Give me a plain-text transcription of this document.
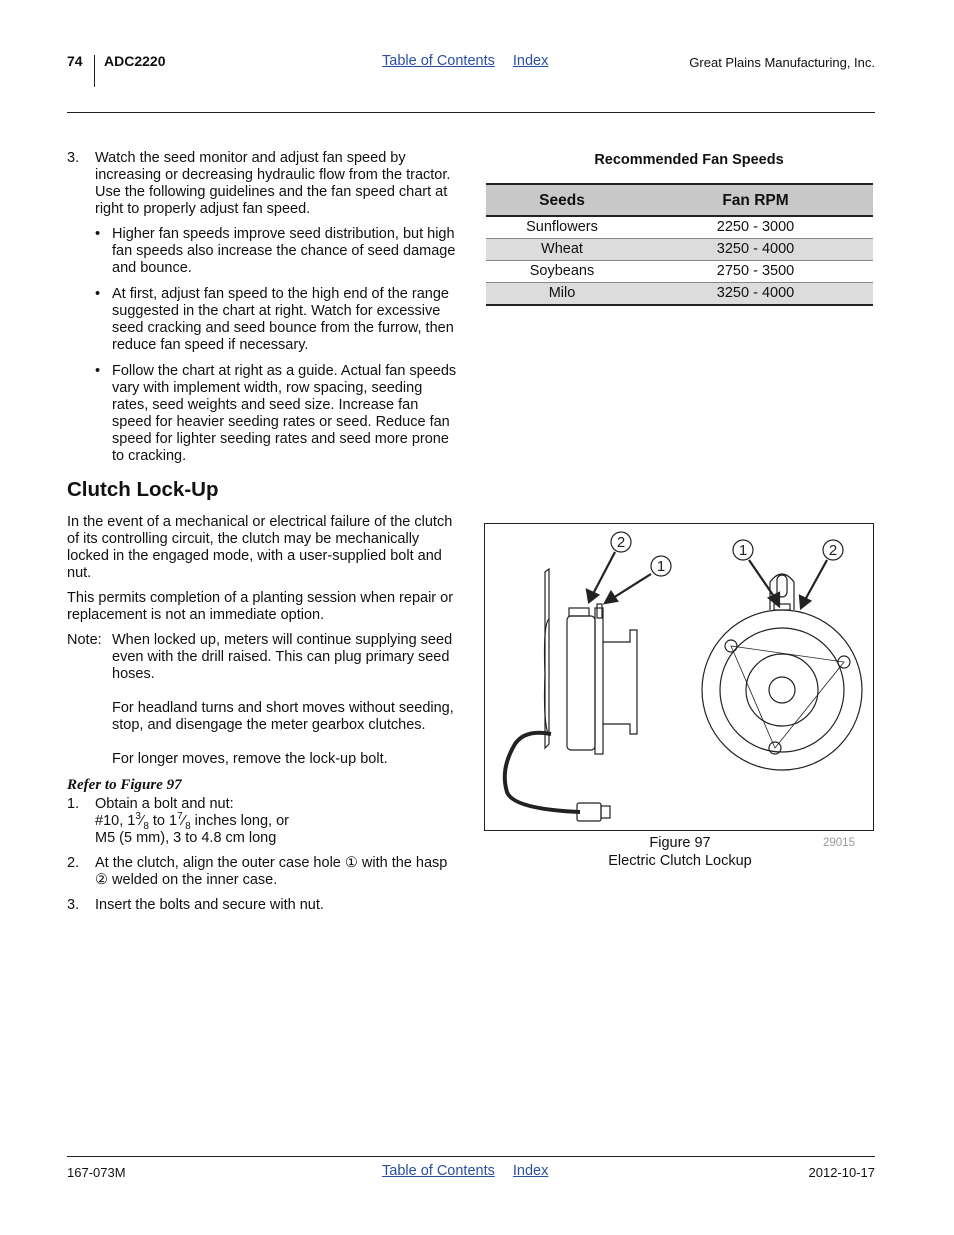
74 ADC2220	Table of Contents Index	Great Plains Manufacturing, Inc.
3. Watch the seed monitor and adjust fan speed by increasing or decreasing hydraulic flow from the tractor. Use the following guidelines and the fan speed chart at right to properly adjust fan speed.
• Higher fan speeds improve seed distribution, but high fan speeds also increase the chance of seed damage and bounce.
• At first, adjust fan speed to the high end of the range suggested in the chart at right. Watch for excessive seed cracking and seed bounce from the furrow, then reduce fan speed if necessary.
• Follow the chart at right as a guide. Actual fan speeds vary with implement width, row spacing, seeding rates, seed weights and seed size. Increase fan speed for heavier seeding rates or seed. Reduce fan speed for lighter seeding rates and seed more prone to cracking.
Clutch Lock-Up

In the event of a mechanical or electrical failure of the clutch of its controlling circuit, the clutch may be mechanically locked in the engaged mode, with a user-supplied bolt and nut.

This permits completion of a planting session when repair or replacement is not an immediate option.

Note: When locked up, meters will continue supplying seed even with the drill raised. This can plug primary seed hoses.

For headland turns and short moves without seeding, stop, and disengage the meter gearbox clutches.

For longer moves, remove the lock-up bolt.

Refer to Figure 97
1. Obtain a bolt and nut:
#10, $1^3⁄_8$ to $1^7⁄_8$ inches long, or
M5 (5 mm), 3 to 4.8 cm long
2. At the clutch, align the outer case hole ① with the hasp ② welded on the inner case.
3. Insert the bolts and secure with nut.
Recommended Fan Speeds
Seeds	Fan RPM
Sunflowers	2250 - 3000
Wheat	3250 - 4000
Soybeans	2750 - 3500
Milo	3250 - 4000
2
1
1	2
Figure 97
Electric Clutch Lockup
29015
167-073M	Table of Contents Index	2012-10-17
